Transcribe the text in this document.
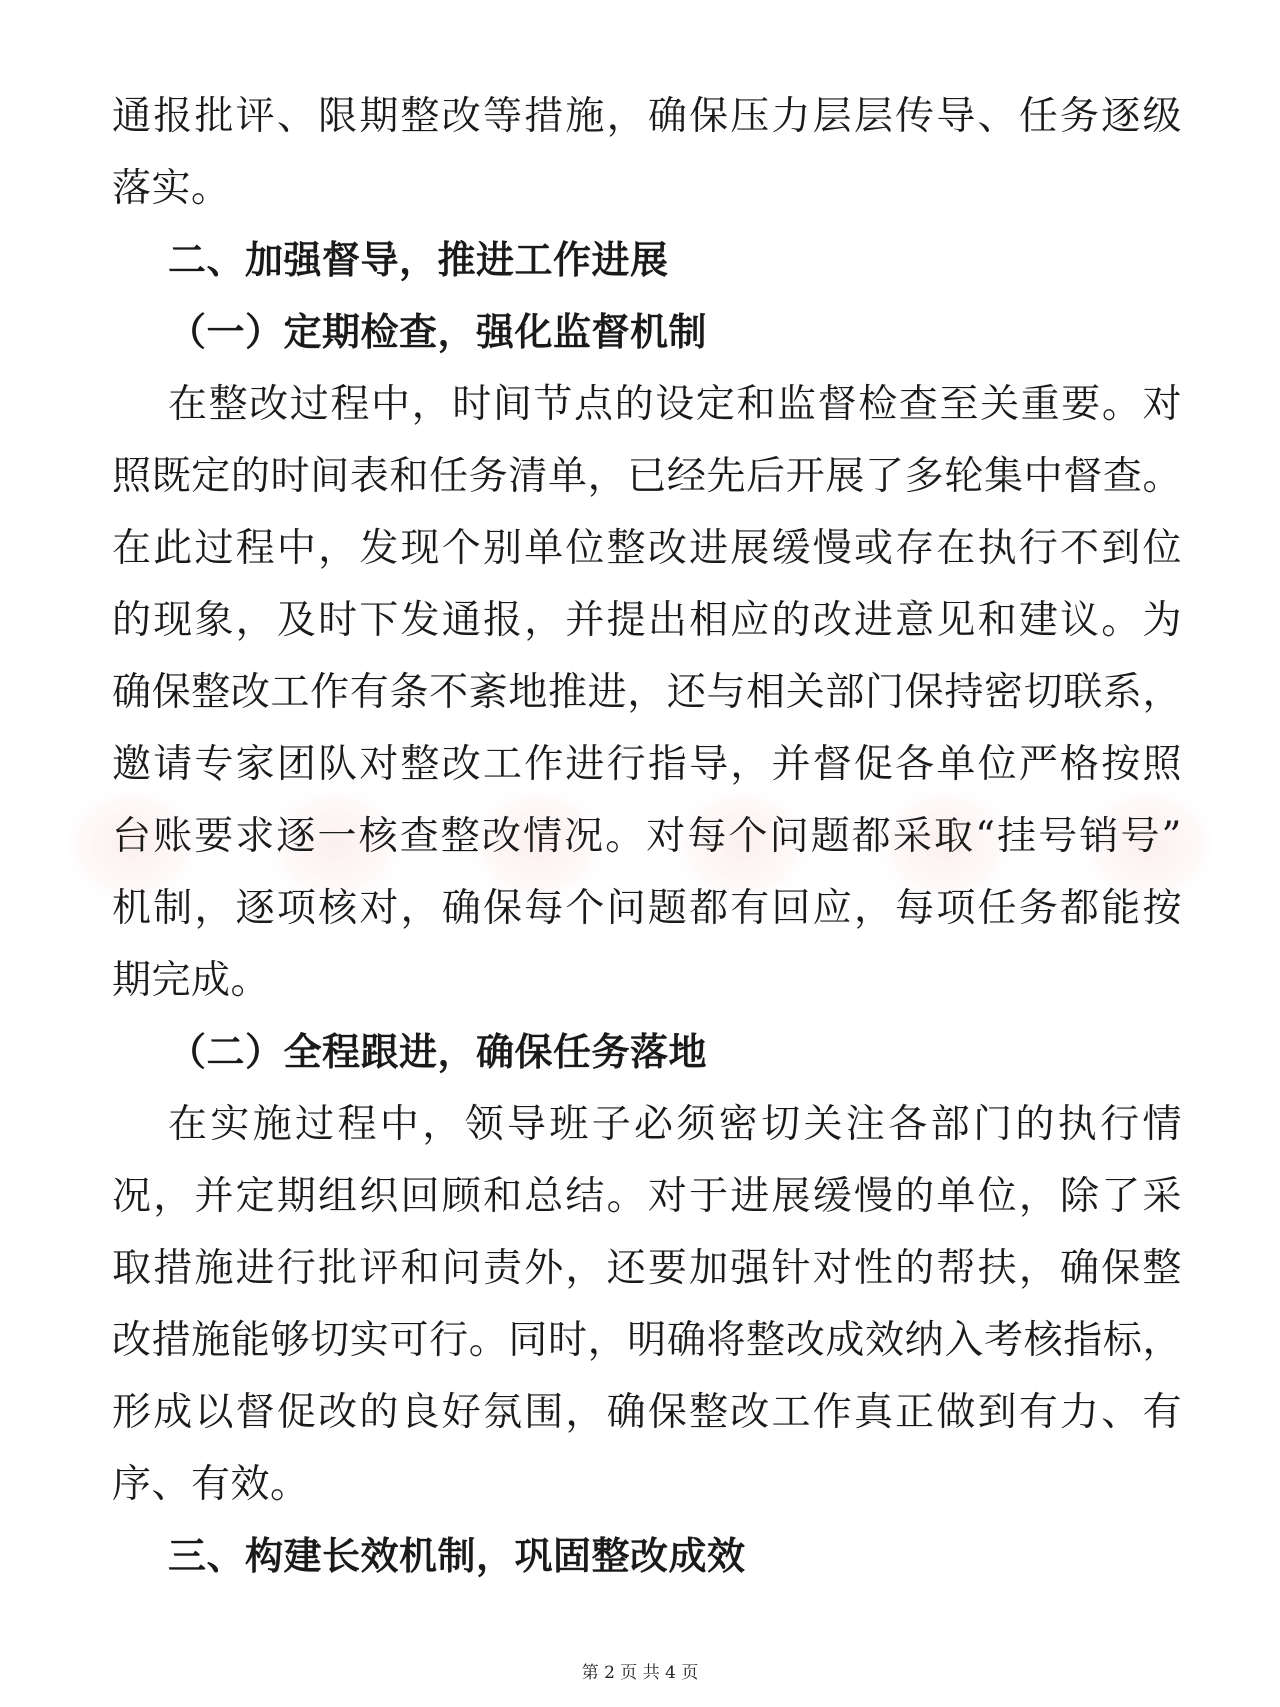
通报批评、限期整改等措施，确保压力层层传导、任务逐级
落实。
二、加强督导，推进工作进展
（一）定期检查，强化监督机制
在整改过程中，时间节点的设定和监督检查至关重要。对
照既定的时间表和任务清单，已经先后开展了多轮集中督查。
在此过程中，发现个别单位整改进展缓慢或存在执行不到位
的现象，及时下发通报，并提出相应的改进意见和建议。为
确保整改工作有条不紊地推进，还与相关部门保持密切联系，
邀请专家团队对整改工作进行指导，并督促各单位严格按照
台账要求逐一核查整改情况。对每个问题都采取“挂号销号”
机制，逐项核对，确保每个问题都有回应，每项任务都能按
期完成。
（二）全程跟进，确保任务落地
在实施过程中，领导班子必须密切关注各部门的执行情
况，并定期组织回顾和总结。对于进展缓慢的单位，除了采
取措施进行批评和问责外，还要加强针对性的帮扶，确保整
改措施能够切实可行。同时，明确将整改成效纳入考核指标，
形成以督促改的良好氛围，确保整改工作真正做到有力、有
序、有效。
三、构建长效机制，巩固整改成效
第 2 页 共 4 页
